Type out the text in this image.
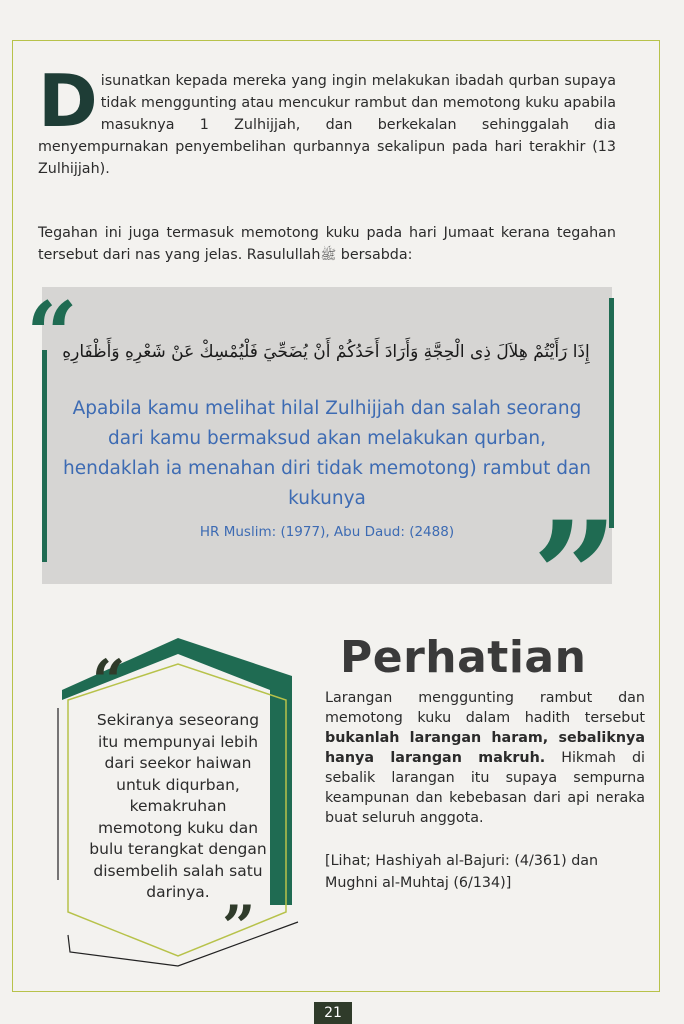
D isunatkan kepada mereka yang ingin melakukan ibadah qurban supaya tidak menggunting atau mencukur rambut dan memotong kuku apabila masuknya 1 Zulhijjah, dan berkekalan sehinggalah dia menyempurnakan penyembelihan qurbannya sekalipun pada hari terakhir (13 Zulhijjah).
Tegahan ini juga termasuk memotong kuku pada hari Jumaat kerana tegahan tersebut dari nas yang jelas. Rasulullahﷺ bersabda:
“
إِذَا رَأَيْتُمْ هِلاَلَ ذِى الْحِجَّةِ وَأَرَادَ أَحَدُكُمْ أَنْ يُضَحِّيَ فَلْيُمْسِكْ عَنْ شَعْرِهِ وَأَظْفَارِهِ
Apabila kamu melihat hilal Zulhijjah dan salah seorang dari kamu bermaksud akan melakukan qurban, hendaklah ia menahan diri tidak memotong) rambut dan kukunya
HR Muslim: (1977), Abu Daud: (2488) ”
“
Sekiranya seseorang itu mempunyai lebih dari seekor haiwan untuk diqurban, kemakruhan memotong kuku dan bulu terangkat dengan disembelih salah satu darinya.
”
Perhatian
Larangan menggunting rambut dan memotong kuku dalam hadith tersebut bukanlah larangan haram, sebaliknya hanya larangan makruh. Hikmah di sebalik larangan itu supaya sempurna keampunan dan kebebasan dari api neraka buat seluruh anggota.
[Lihat; Hashiyah al-Bajuri: (4/361) dan Mughni al-Muhtaj (6/134)]
21
